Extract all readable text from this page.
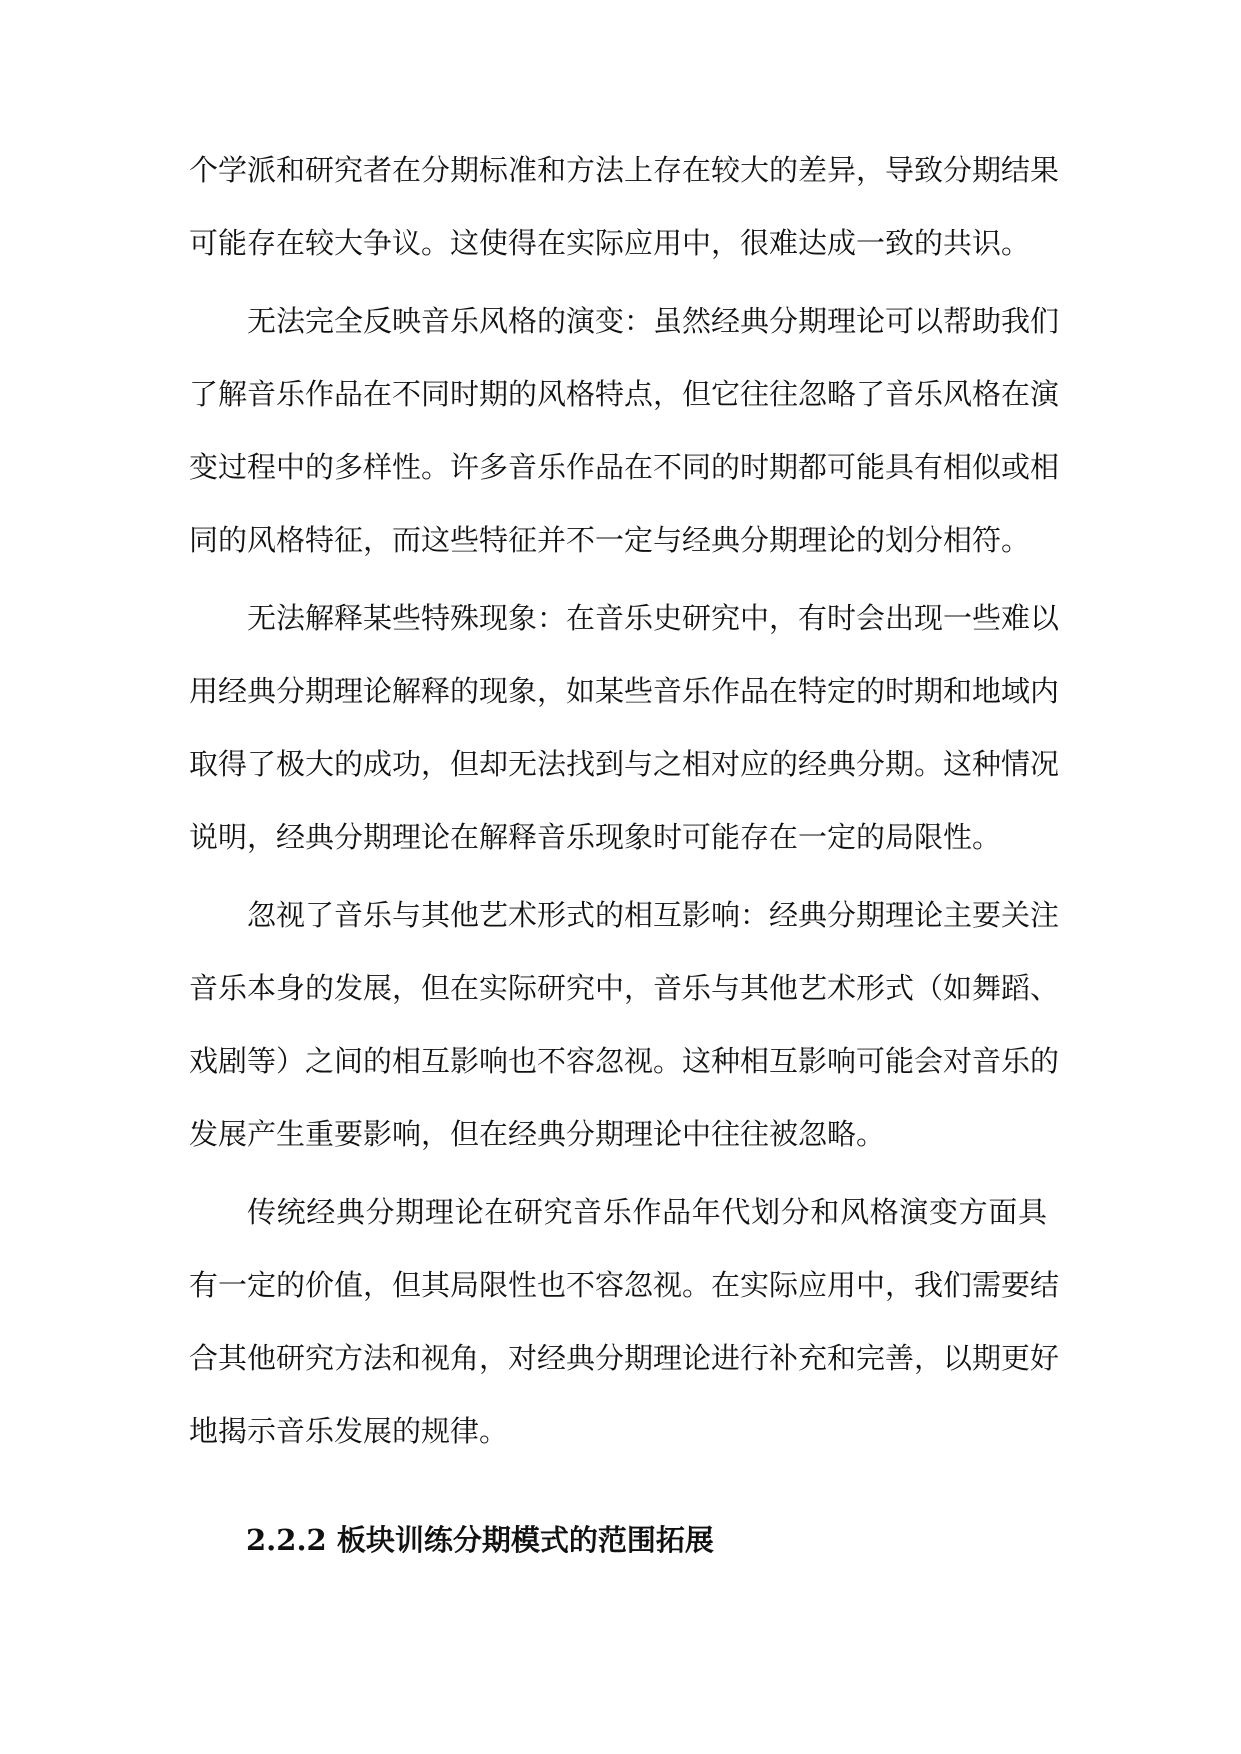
个学派和研究者在分期标准和方法上存在较大的差异，导致分期结果
可能存在较大争议。这使得在实际应用中，很难达成一致的共识。
无法完全反映音乐风格的演变：虽然经典分期理论可以帮助我们
了解音乐作品在不同时期的风格特点，但它往往忽略了音乐风格在演
变过程中的多样性。许多音乐作品在不同的时期都可能具有相似或相
同的风格特征，而这些特征并不一定与经典分期理论的划分相符。
无法解释某些特殊现象：在音乐史研究中，有时会出现一些难以
用经典分期理论解释的现象，如某些音乐作品在特定的时期和地域内
取得了极大的成功，但却无法找到与之相对应的经典分期。这种情况
说明，经典分期理论在解释音乐现象时可能存在一定的局限性。
忽视了音乐与其他艺术形式的相互影响：经典分期理论主要关注
音乐本身的发展，但在实际研究中，音乐与其他艺术形式（如舞蹈、
戏剧等）之间的相互影响也不容忽视。这种相互影响可能会对音乐的
发展产生重要影响，但在经典分期理论中往往被忽略。
传统经典分期理论在研究音乐作品年代划分和风格演变方面具
有一定的价值，但其局限性也不容忽视。在实际应用中，我们需要结
合其他研究方法和视角，对经典分期理论进行补充和完善，以期更好
地揭示音乐发展的规律。
2.2.2 板块训练分期模式的范围拓展
